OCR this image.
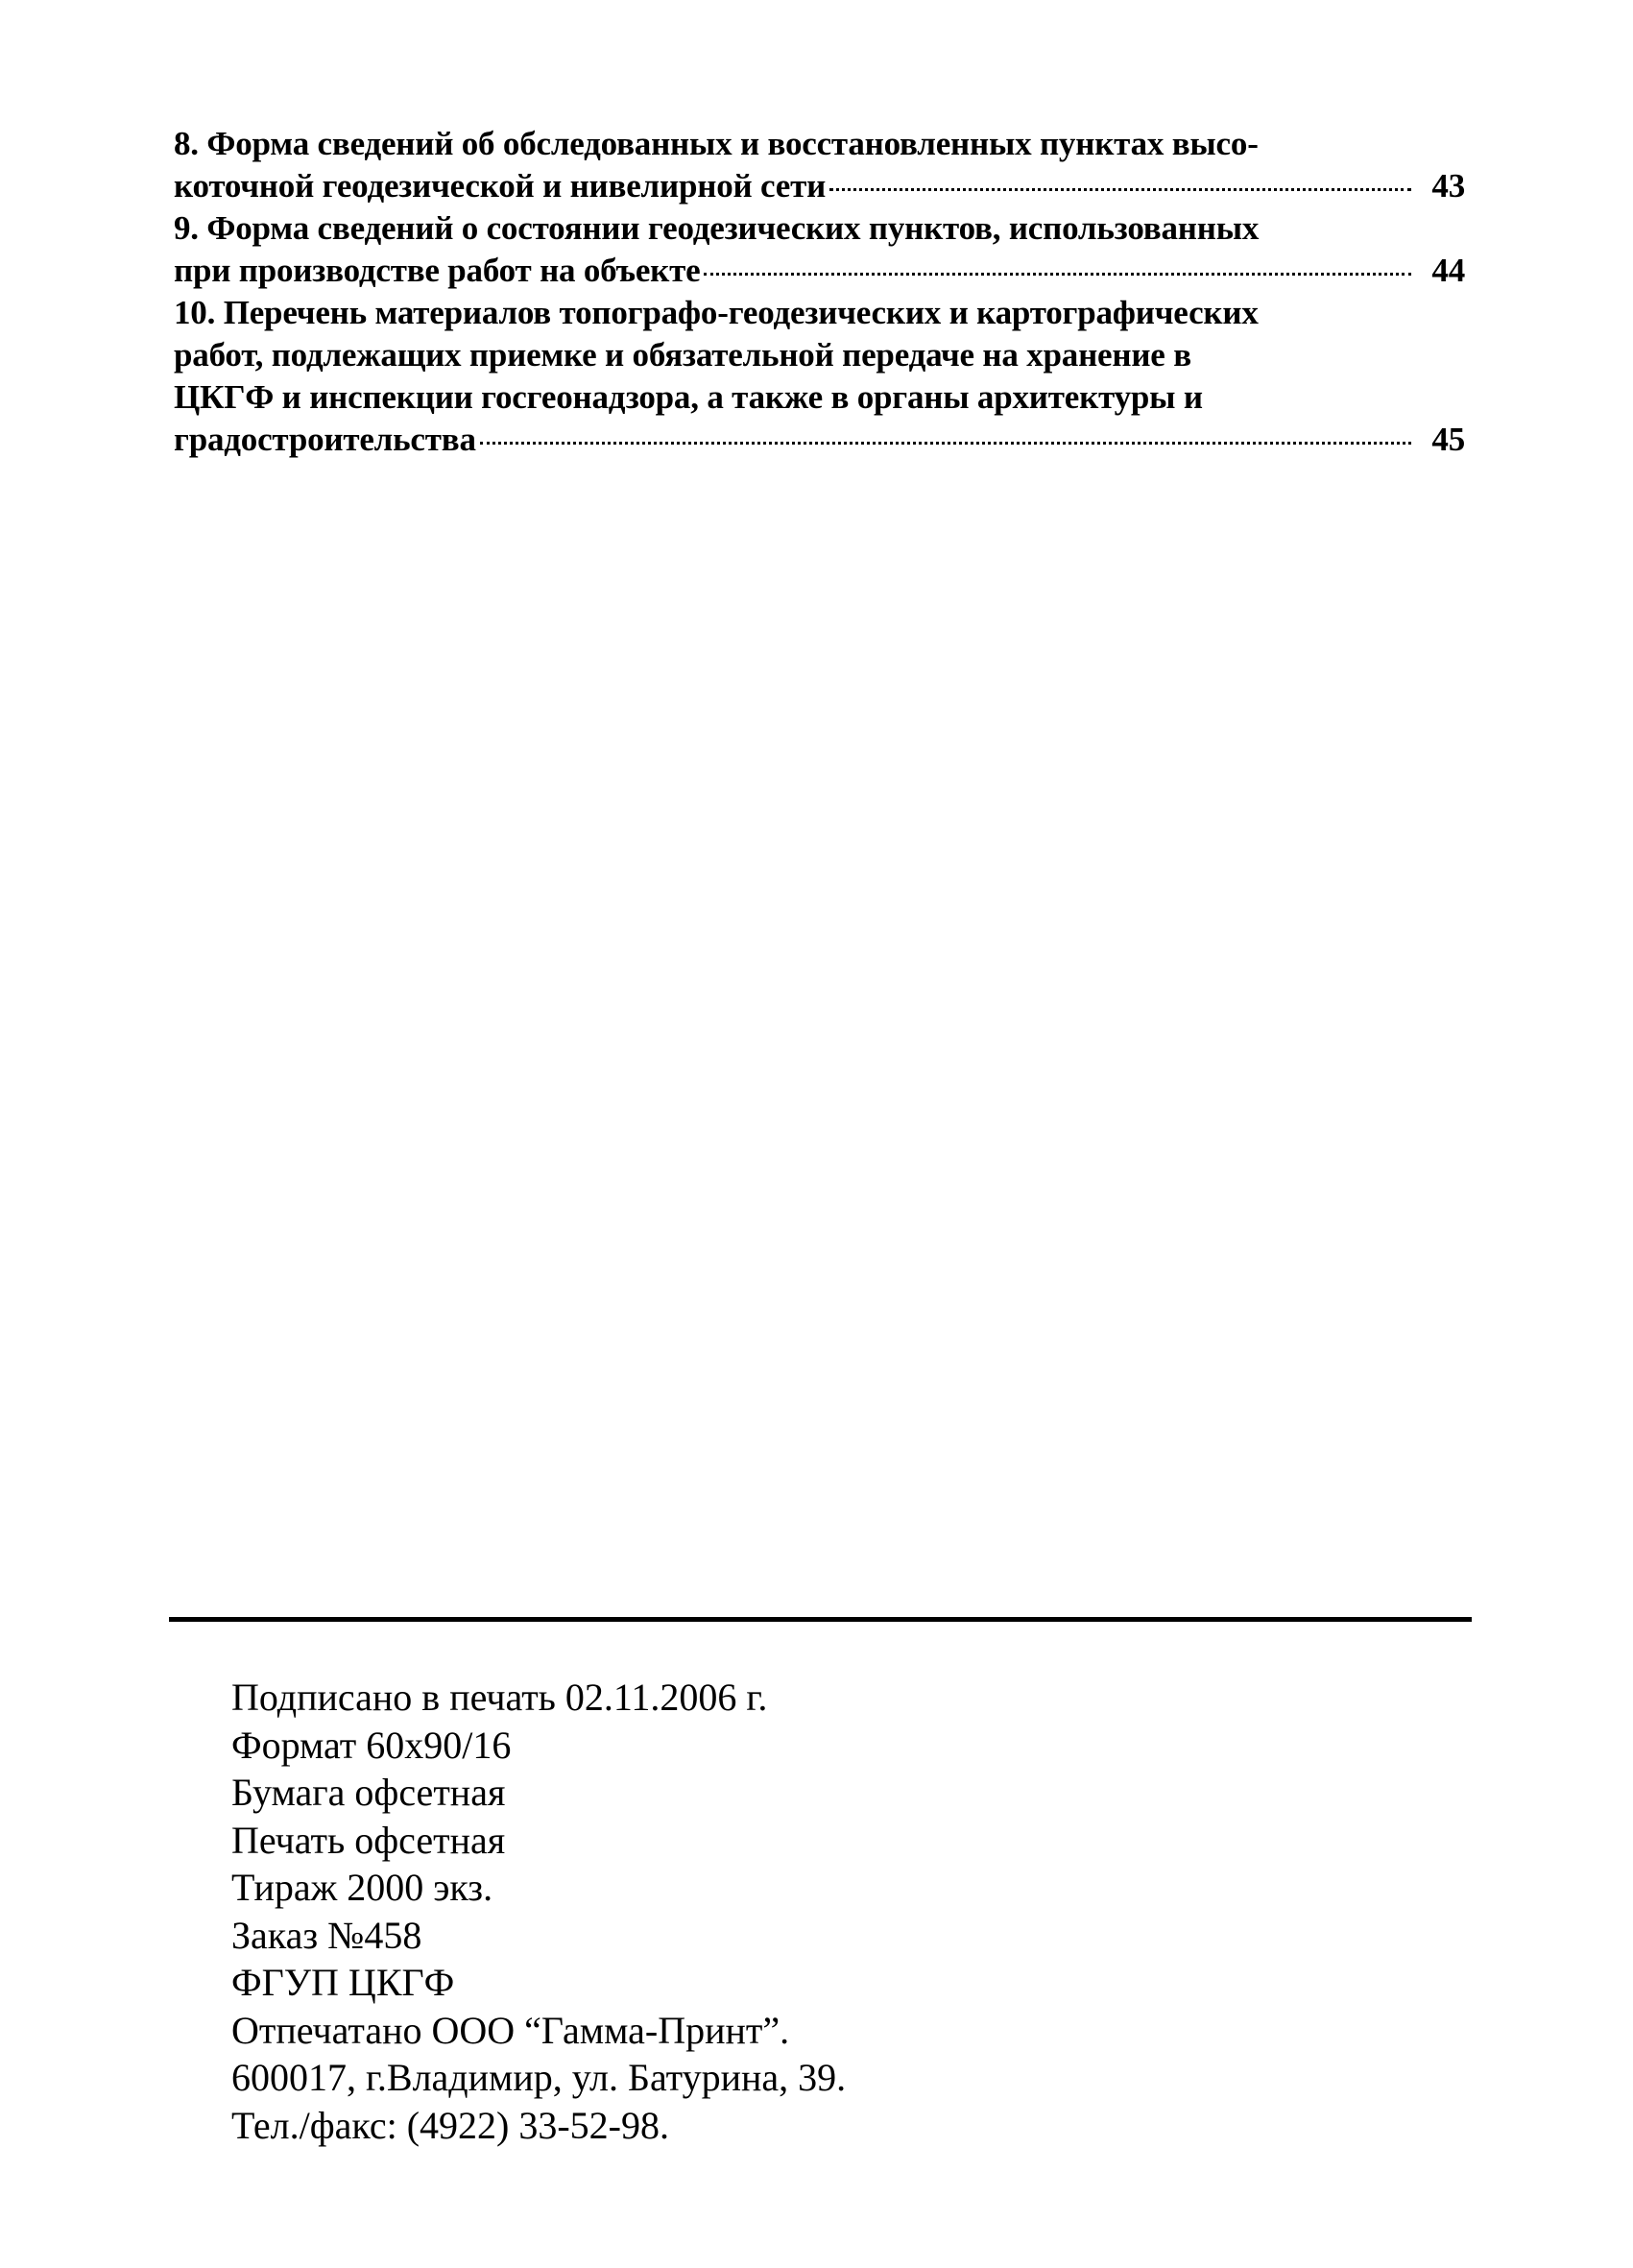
8. Форма сведений об обследованных и восстановленных пунктах высо-
коточной геодезической и нивелирной сети	43
9. Форма сведений о состоянии геодезических пунктов, использованных
при производстве работ на объекте	44
10. Перечень материалов топографо-геодезических и картографических
работ, подлежащих приемке и обязательной передаче на хранение в
ЦКГФ и инспекции госгеонадзора, а также в органы архитектуры и
градостроительства	45
Подписано в печать 02.11.2006 г.
Формат 60х90/16
Бумага офсетная
Печать офсетная
Тираж 2000 экз.
Заказ №458
ФГУП ЦКГФ
Отпечатано ООО “Гамма-Принт”.
600017, г.Владимир, ул. Батурина, 39.
Тел./факс: (4922) 33-52-98.
